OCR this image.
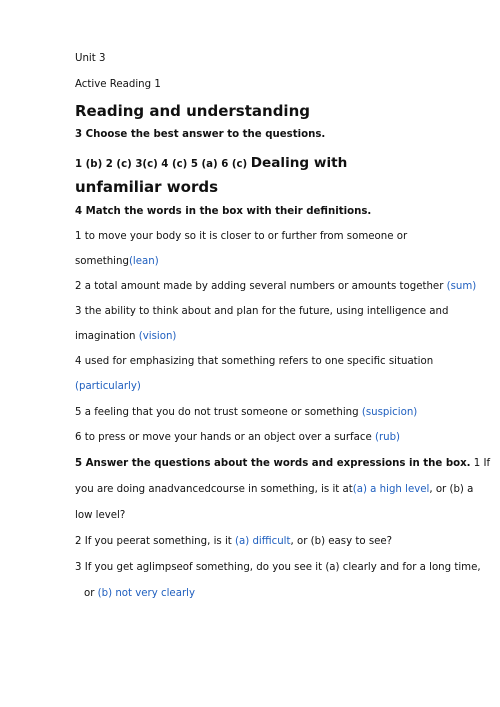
Unit 3
Active Reading 1
Reading and understanding
3 Choose the best answer to the questions.
1 (b) 2 (c) 3(c) 4 (c) 5 (a) 6 (c) Dealing with
unfamiliar words
4 Match the words in the box with their definitions.
1 to move your body so it is closer to or further from someone or
something(lean)
2 a total amount made by adding several numbers or amounts together (sum)
3 the ability to think about and plan for the future, using intelligence and
imagination (vision)
4 used for emphasizing that something refers to one specific situation
(particularly)
5 a feeling that you do not trust someone or something (suspicion)
6 to press or move your hands or an object over a surface (rub)
5 Answer the questions about the words and expressions in the box. 1 If
you are doing anadvancedcourse in something, is it at(a) a high level, or (b) a
low level?
2 If you peerat something, is it (a) difficult, or (b) easy to see?
3 If you get aglimpseof something, do you see it (a) clearly and for a long time,
or (b) not very clearly
